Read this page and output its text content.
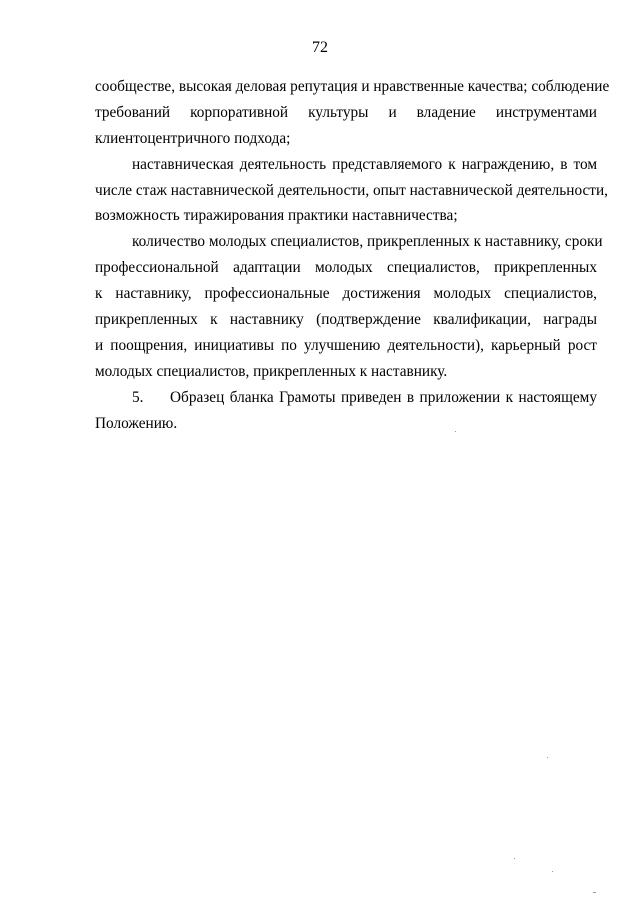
72
сообществе, высокая деловая репутация и нравственные качества; соблюдение
требований корпоративной культуры и владение инструментами
клиентоцентричного подхода;
наставническая деятельность представляемого к награждению, в том
числе стаж наставнической деятельности, опыт наставнической деятельности,
возможность тиражирования практики наставничества;
количество молодых специалистов, прикрепленных к наставнику, сроки
профессиональной адаптации молодых специалистов, прикрепленных
к наставнику, профессиональные достижения молодых специалистов,
прикрепленных к наставнику (подтверждение квалификации, награды
и поощрения, инициативы по улучшению деятельности), карьерный рост
молодых специалистов, прикрепленных к наставнику.
5. Образец бланка Грамоты приведен в приложении к настоящему
Положению.
